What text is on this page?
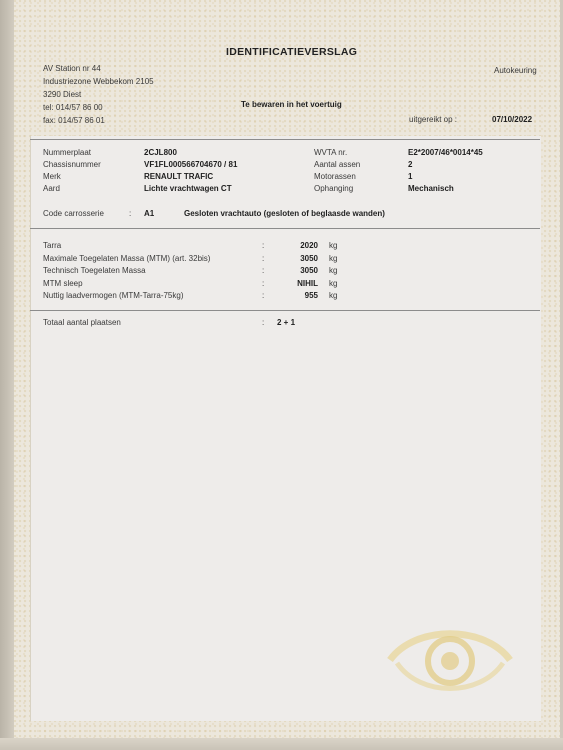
IDENTIFICATIEVERSLAG
AV Station nr 44
Industriezone Webbekom 2105
3290 Diest
tel: 014/57 86 00
fax: 014/57 86 01
Autokeuring
Te bewaren in het voertuig
uitgereikt op :	07/10/2022
Nummerplaat	2CJL800
Chassisnummer	VF1FL000566704670 / 81
Merk	RENAULT TRAFIC
Aard	Lichte vrachtwagen CT
WVTA nr.	E2*2007/46*0014*45
Aantal assen	2
Motorassen	1
Ophanging	Mechanisch
Code carrosserie	: A1	Gesloten vrachtauto (gesloten of beglaasde wanden)
Tarra	:	2020 kg
Maximale Toegelaten Massa (MTM) (art. 32bis)	:	3050 kg
Technisch Toegelaten Massa	:	3050 kg
MTM sleep	:	NIHIL kg
Nuttig laadvermogen (MTM-Tarra-75kg)	:	955 kg
Totaal aantal plaatsen	: 2 + 1
